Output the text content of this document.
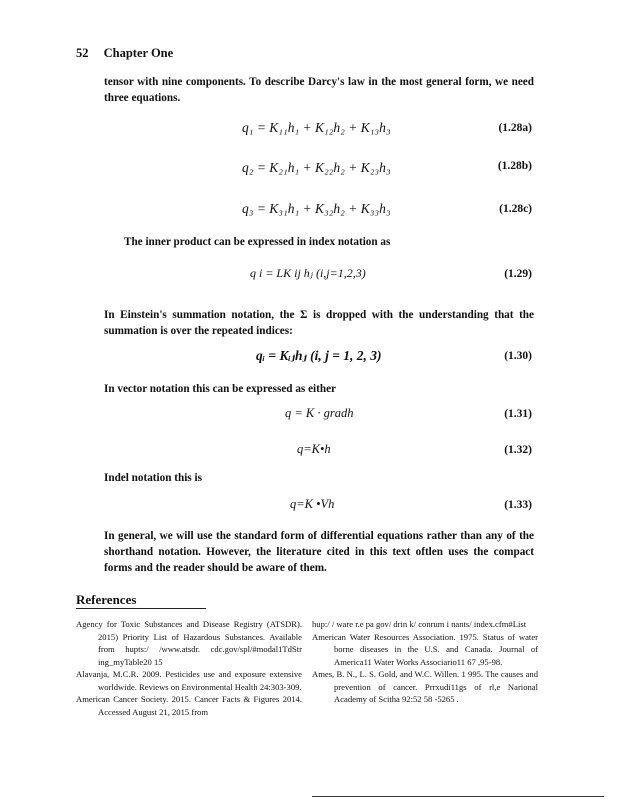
52 Chapter One
tensor with nine components. To describe Darcy's law in the most general form, we need three equations.
q₁ = K₁₁h₁ + K₁₂h₂ + K₁₃h₃	(1.28a)
q₂ = K₂₁h₁ + K₂₂h₂ + K₂₃h₃	(1.28b)
q₃ = K₃₁h₁ + K₃₂h₂ + K₃₃h₃	(1.28c)
The inner product can be expressed in index notation as
q i = LK ij hⱼ (i,j=1,2,3)	(1.29)
In Einstein's summation notation, the Σ is dropped with the understanding that the summation is over the repeated indices:
qᵢ = Kᵢⱼhⱼ (i, j = 1, 2, 3)	(1.30)
In vector notation this can be expressed as either
q = K · gradh	(1.31)
q=K•h	(1.32)
Indel notation this is
q=K •Vh	(1.33)
In general, we will use the standard form of differential equations rather than any of the shorthand notation. However, the literature cited in this text oftlen uses the compact forms and the reader should be aware of them.
References

Agency for Toxic Substances and Disease Registry (ATSDR). 2015) Priority List of Hazardous Substances. Available from hupts:/ /www.atsdr. cdc.gov/spl/#modal1TdStr ing_myTable20 15

Alavanja, M.C.R. 2009. Pesticides use and exposure extensive worldwide. Reviews on Environmental Health 24:303-309.

American Cancer Society. 2015. Cancer Facts & Figures 2014. Accessed August 21, 2015 from

hup:/ / ware r.e pa gov/ drin k/ conrum i nants/ index.cfm#List

American Water Resources Association. 1975. Status of water borne diseases in the U.S. and Canada. Journal of America11 Water Works Associario11 67 ,95-98.

Ames, B. N., L. S. Gold, and W.C. Willen. 1 995. The causes and prevention of cancer. Prrxudi11gs of rl,e Narional Academy of Scitha 92:52 58 -5265 .
